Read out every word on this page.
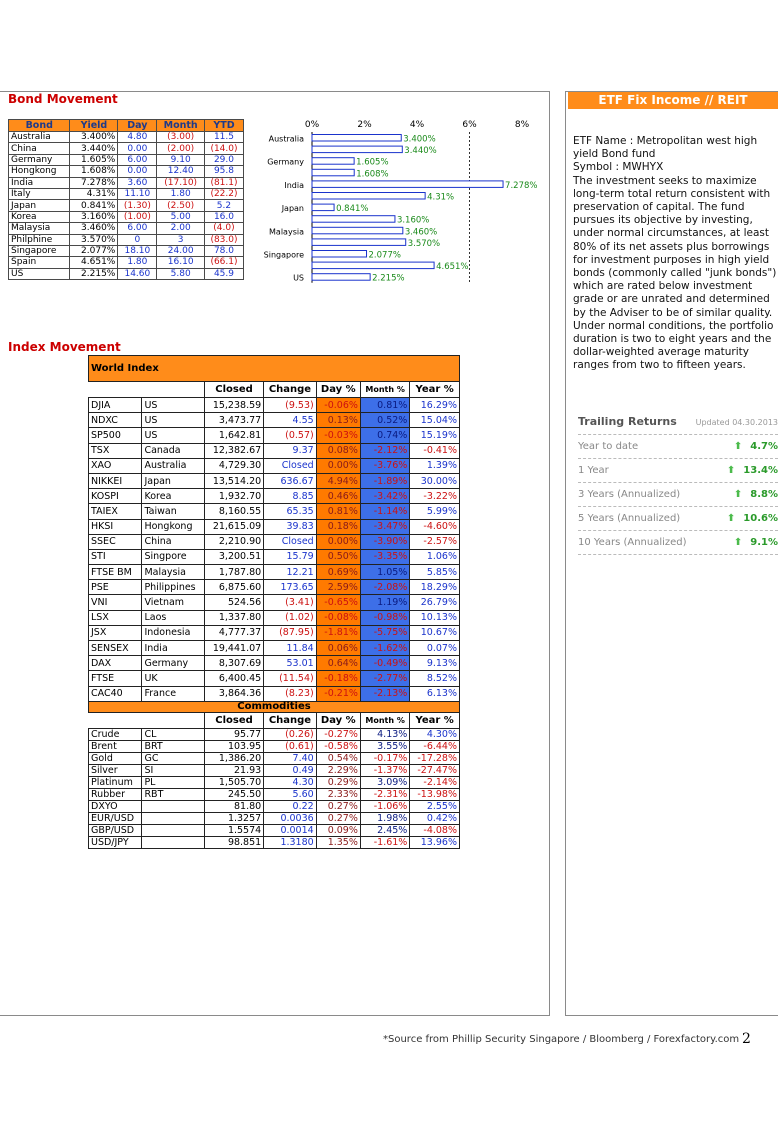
Bond Movement
Bond	Yield	Day	Month	YTD
Australia	3.400%	4.80	(3.00)	11.5
China	3.440%	0.00	(2.00)	(14.0)
Germany	1.605%	6.00	9.10	29.0
Hongkong	1.608%	0.00	12.40	95.8
India	7.278%	3.60	(17.10)	(81.1)
Italy	4.31%	11.10	1.80	(22.2)
Japan	0.841%	(1.30)	(2.50)	5.2
Korea	3.160%	(1.00)	5.00	16.0
Malaysia	3.460%	6.00	2.00	(4.0)
Philphine	3.570%	0	3	(83.0)
Singapore	2.077%	18.10	24.00	78.0
Spain	4.651%	1.80	16.10	(66.1)
US	2.215%	14.60	5.80	45.9
0%	2%	4%	6%	8%
3.400%
Australia
3.440%
1.605%
Germany
1.608%
7.278%
India
4.31%
0.841%
Japan
3.160%
3.460%
Malaysia
3.570%
2.077%
Singapore
4.651%
2.215%
US
Index Movement
World Index						
		Closed	Change	Day %	Month %	Year %
DJIA	US	15,238.59	(9.53)	-0.06%	0.81%	16.29%
NDXC	US	3,473.77	4.55	0.13%	0.52%	15.04%
SP500	US	1,642.81	(0.57)	-0.03%	0.74%	15.19%
TSX	Canada	12,382.67	9.37	0.08%	-2.12%	-0.41%
XAO	Australia	4,729.30	Closed	0.00%	-3.76%	1.39%
NIKKEI	Japan	13,514.20	636.67	4.94%	-1.89%	30.00%
KOSPI	Korea	1,932.70	8.85	0.46%	-3.42%	-3.22%
TAIEX	Taiwan	8,160.55	65.35	0.81%	-1.14%	5.99%
HKSI	Hongkong	21,615.09	39.83	0.18%	-3.47%	-4.60%
SSEC	China	2,210.90	Closed	0.00%	-3.90%	-2.57%
STI	Singpore	3,200.51	15.79	0.50%	-3.35%	1.06%
FTSE BM	Malaysia	1,787.80	12.21	0.69%	1.05%	5.85%
PSE	Philippines	6,875.60	173.65	2.59%	-2.08%	18.29%
VNI	Vietnam	524.56	(3.41)	-0.65%	1.19%	26.79%
LSX	Laos	1,337.80	(1.02)	-0.08%	-0.98%	10.13%
JSX	Indonesia	4,777.37	(87.95)	-1.81%	-5.75%	10.67%
SENSEX	India	19,441.07	11.84	0.06%	-1.62%	0.07%
DAX	Germany	8,307.69	53.01	0.64%	-0.49%	9.13%
FTSE	UK	6,400.45	(11.54)	-0.18%	-2.77%	8.52%
CAC40	France	3,864.36	(8.23)	-0.21%	-2.13%	6.13%
Commodities						
		Closed	Change	Day %	Month %	Year %
Crude	CL	95.77	(0.26)	-0.27%	4.13%	4.30%
Brent	BRT	103.95	(0.61)	-0.58%	3.55%	-6.44%
Gold	GC	1,386.20	7.40	0.54%	-0.17%	-17.28%
Silver	SI	21.93	0.49	2.29%	-1.37%	-27.47%
Platinum	PL	1,505.70	4.30	0.29%	3.09%	-2.14%
Rubber	RBT	245.50	5.60	2.33%	-2.31%	-13.98%
DXYO		81.80	0.22	0.27%	-1.06%	2.55%
EUR/USD		1.3257	0.0036	0.27%	1.98%	0.42%
GBP/USD		1.5574	0.0014	0.09%	2.45%	-4.08%
USD/JPY		98.851	1.3180	1.35%	-1.61%	13.96%
ETF Fix Income // REIT
ETF Name : Metropolitan west high
yield Bond fund
Symbol : MWHYX
The investment seeks to maximize
long-term total return consistent with
preservation of capital. The fund
pursues its objective by investing,
under normal circumstances, at least
80% of its net assets plus borrowings
for investment purposes in high yield
bonds (commonly called "junk bonds")
which are rated below investment
grade or are unrated and determined
by the Adviser to be of similar quality.
Under normal conditions, the portfolio
duration is two to eight years and the
dollar-weighted average maturity
ranges from two to fifteen years.
Trailing Returns Updated 04.30.2013
Year to date	⬆ 4.7%
1 Year	⬆ 13.4%
3 Years (Annualized)	⬆ 8.8%
5 Years (Annualized)	⬆ 10.6%
10 Years (Annualized)	⬆ 9.1%
*Source from Phillip Security Singapore / Bloomberg / Forexfactory.com 2
